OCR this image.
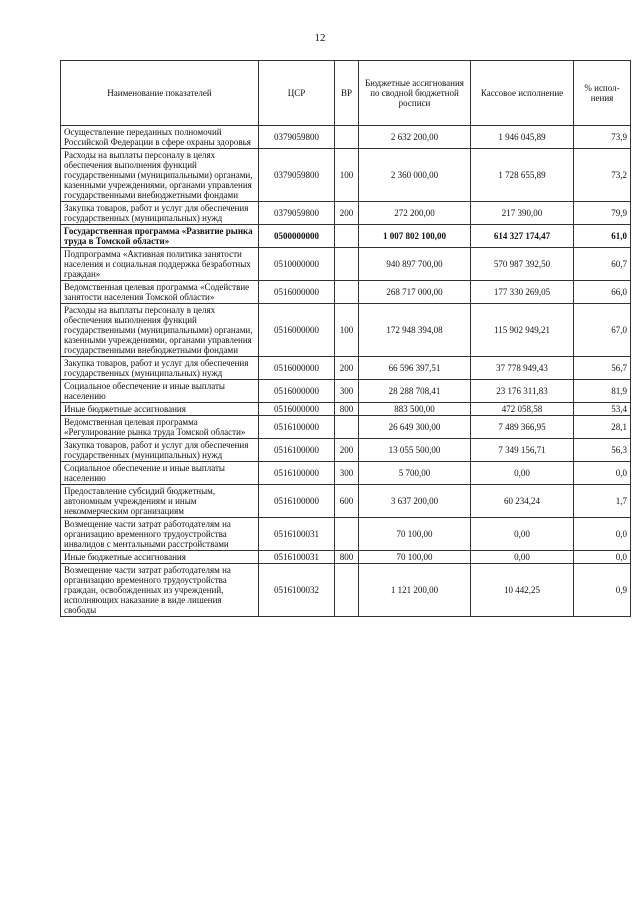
12
Наименование показателей	ЦСР	ВР	Бюджетные ассигнования по сводной бюджетной росписи	Кассовое исполнение	% испол-нения
Осуществление переданных полномочий Российской Федерации в сфере охраны здоровья	0379059800		2 632 200,00	1 946 045,89	73,9
Расходы на выплаты персоналу в целях обеспечения выполнения функций государственными (муниципальными) органами, казенными учреждениями, органами управления государственными внебюджетными фондами	0379059800	100	2 360 000,00	1 728 655,89	73,2
Закупка товаров, работ и услуг для обеспечения государственных (муниципальных) нужд	0379059800	200	272 200,00	217 390,00	79,9
Государственная программа «Развитие рынка труда в Томской области»	0500000000		1 007 802 100,00	614 327 174,47	61,0
Подпрограмма «Активная политика занятости населения и социальная поддержка безработных граждан»	0510000000		940 897 700,00	570 987 392,50	60,7
Ведомственная целевая программа «Содействие занятости населения Томской области»	0516000000		268 717 000,00	177 330 269,05	66,0
Расходы на выплаты персоналу в целях обеспечения выполнения функций государственными (муниципальными) органами, казенными учреждениями, органами управления государственными внебюджетными фондами	0516000000	100	172 948 394,08	115 902 949,21	67,0
Закупка товаров, работ и услуг для обеспечения государственных (муниципальных) нужд	0516000000	200	66 596 397,51	37 778 949,43	56,7
Социальное обеспечение и иные выплаты населению	0516000000	300	28 288 708,41	23 176 311,83	81,9
Иные бюджетные ассигнования	0516000000	800	883 500,00	472 058,58	53,4
Ведомственная целевая программа «Регулирование рынка труда Томской области»	0516100000		26 649 300,00	7 489 366,95	28,1
Закупка товаров, работ и услуг для обеспечения государственных (муниципальных) нужд	0516100000	200	13 055 500,00	7 349 156,71	56,3
Социальное обеспечение и иные выплаты населению	0516100000	300	5 700,00	0,00	0,0
Предоставление субсидий бюджетным, автономным учреждениям и иным некоммерческим организациям	0516100000	600	3 637 200,00	60 234,24	1,7
Возмещение части затрат работодателям на организацию временного трудоустройства инвалидов с ментальными расстройствами	0516100031		70 100,00	0,00	0,0
Иные бюджетные ассигнования	0516100031	800	70 100,00	0,00	0,0
Возмещение части затрат работодателям на организацию временного трудоустройства граждан, освобожденных из учреждений, исполняющих наказание в виде лишения свободы	0516100032		1 121 200,00	10 442,25	0,9
